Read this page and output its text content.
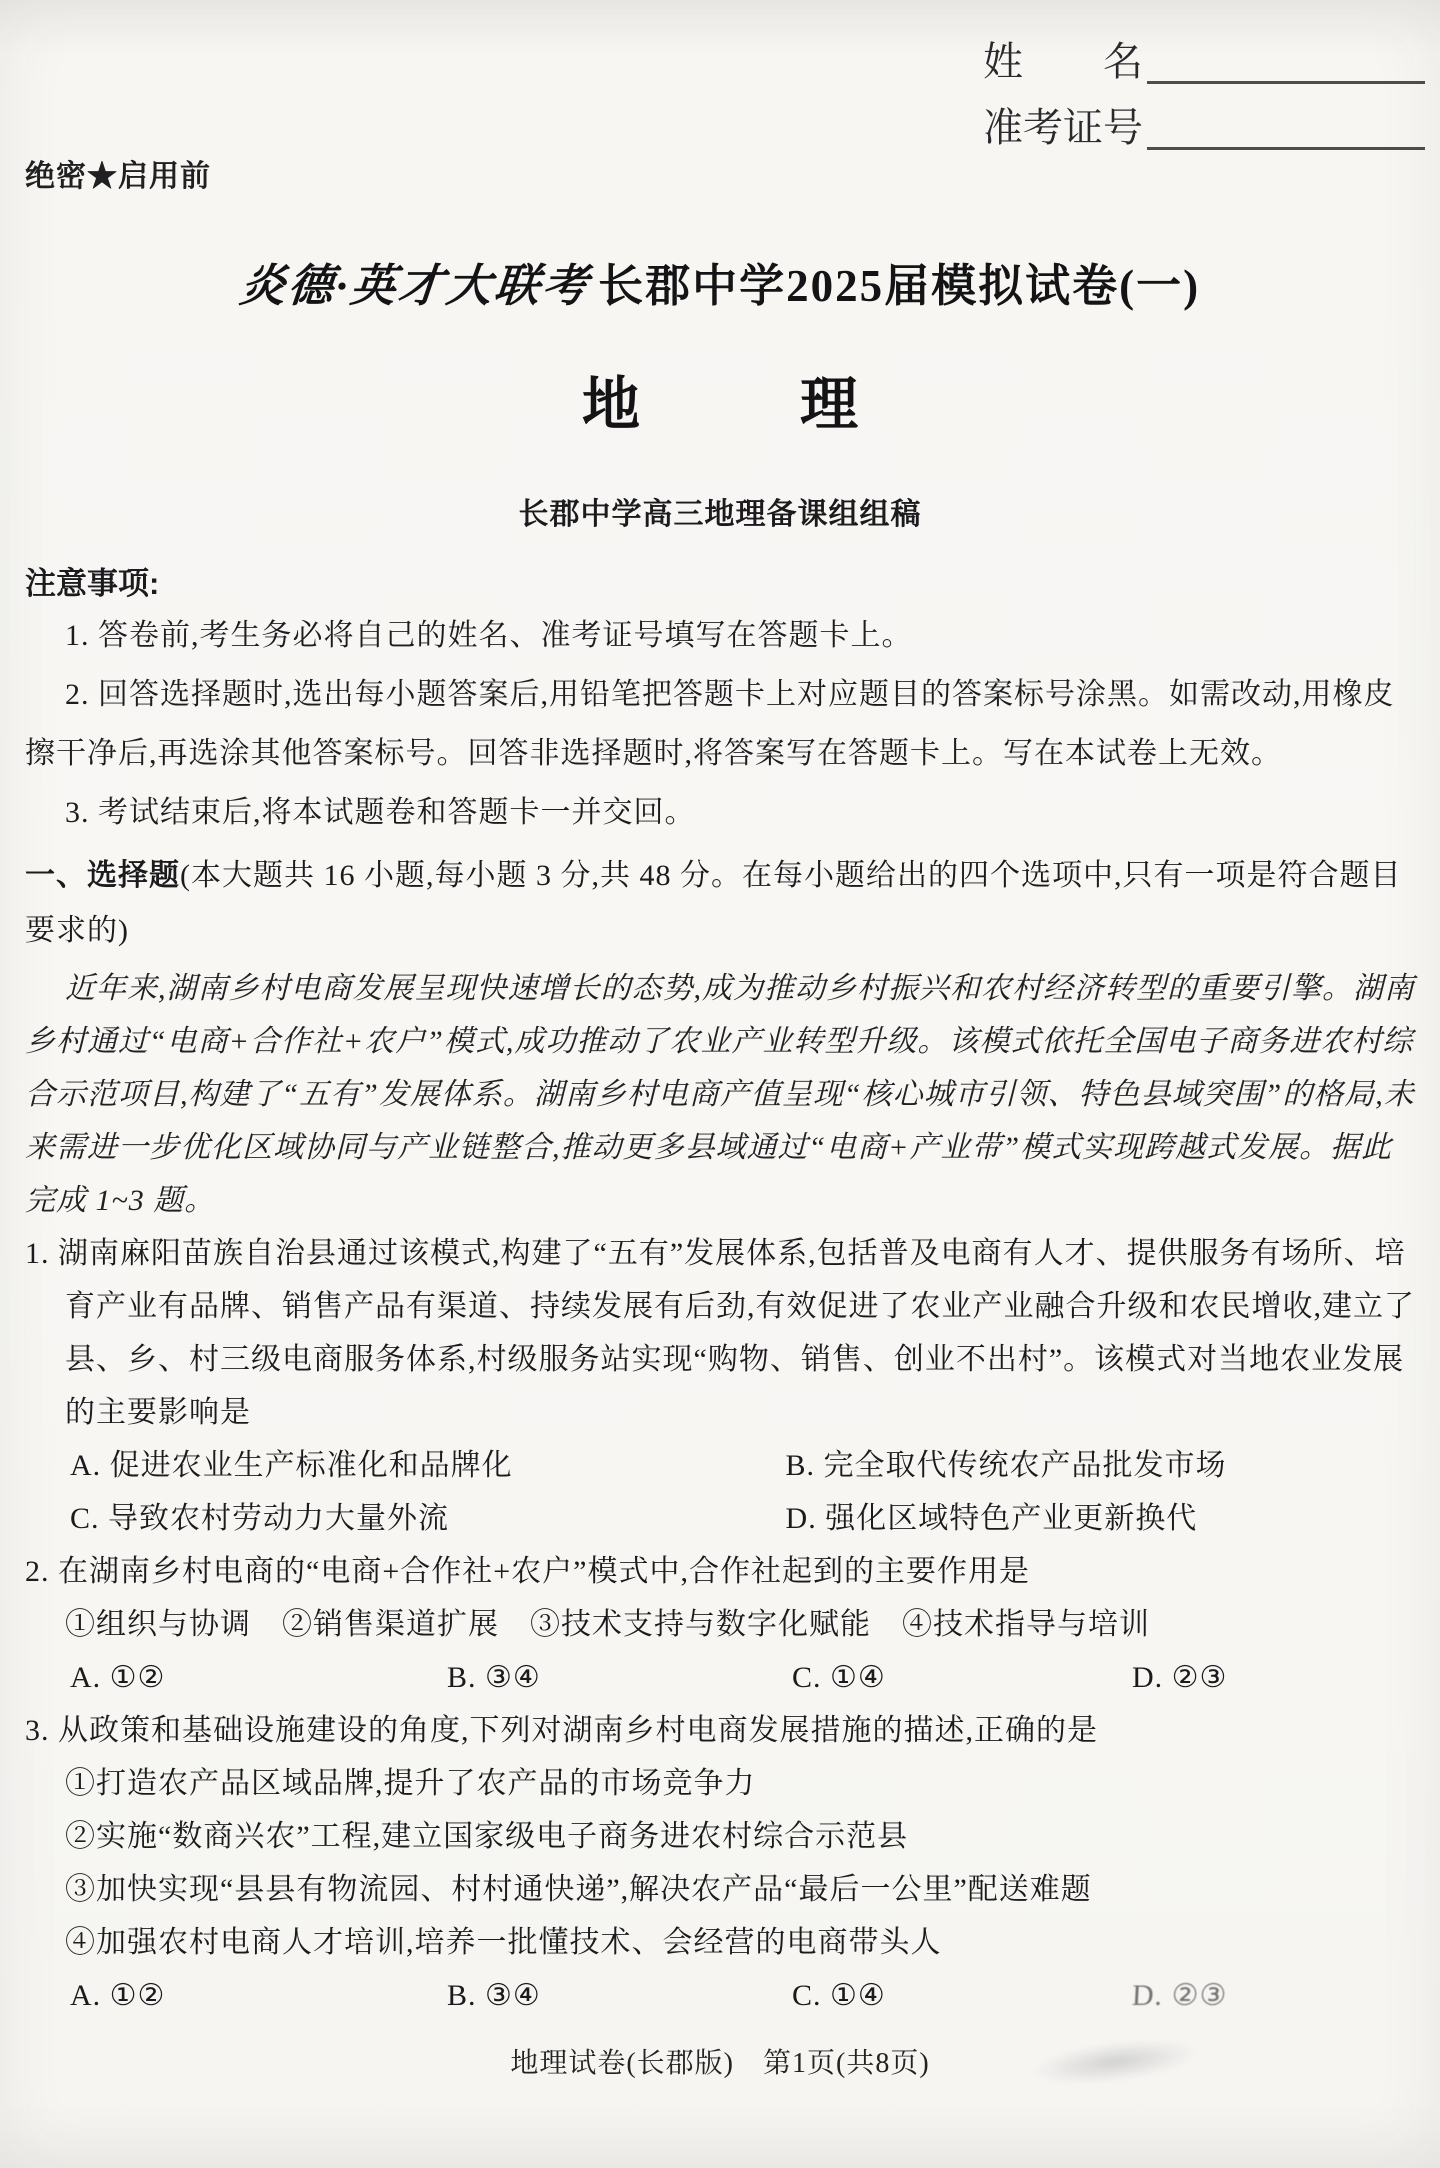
姓　　名
准考证号
绝密★启用前
炎德·英才大联考 长郡中学2025届模拟试卷(一)
地	理
长郡中学高三地理备课组组稿
注意事项:

1. 答卷前,考生务必将自己的姓名、准考证号填写在答题卡上。

2. 回答选择题时,选出每小题答案后,用铅笔把答题卡上对应题目的答案标号涂黑。如需改动,用橡皮擦干净后,再选涂其他答案标号。回答非选择题时,将答案写在答题卡上。写在本试卷上无效。

3. 考试结束后,将本试题卷和答题卡一并交回。

一、选择题(本大题共 16 小题,每小题 3 分,共 48 分。在每小题给出的四个选项中,只有一项是符合题目要求的)

近年来,湖南乡村电商发展呈现快速增长的态势,成为推动乡村振兴和农村经济转型的重要引擎。湖南乡村通过“电商+合作社+农户”模式,成功推动了农业产业转型升级。该模式依托全国电子商务进农村综合示范项目,构建了“五有”发展体系。湖南乡村电商产值呈现“核心城市引领、特色县域突围”的格局,未来需进一步优化区域协同与产业链整合,推动更多县域通过“电商+产业带”模式实现跨越式发展。据此完成 1~3 题。

1. 湖南麻阳苗族自治县通过该模式,构建了“五有”发展体系,包括普及电商有人才、提供服务有场所、培育产业有品牌、销售产品有渠道、持续发展有后劲,有效促进了农业产业融合升级和农民增收,建立了县、乡、村三级电商服务体系,村级服务站实现“购物、销售、创业不出村”。该模式对当地农业发展的主要影响是

A. 促进农业生产标准化和品牌化	B. 完全取代传统农产品批发市场
C. 导致农村劳动力大量外流	D. 强化区域特色产业更新换代

2. 在湖南乡村电商的“电商+合作社+农户”模式中,合作社起到的主要作用是

①组织与协调　②销售渠道扩展　③技术支持与数字化赋能　④技术指导与培训
A. ①②	B. ③④	C. ①④	D. ②③

3. 从政策和基础设施建设的角度,下列对湖南乡村电商发展措施的描述,正确的是

①打造农产品区域品牌,提升了农产品的市场竞争力
②实施“数商兴农”工程,建立国家级电子商务进农村综合示范县
③加快实现“县县有物流园、村村通快递”,解决农产品“最后一公里”配送难题
④加强农村电商人才培训,培养一批懂技术、会经营的电商带头人
A. ①②	B. ③④	C. ①④	D. ②③
地理试卷(长郡版)　第1页(共8页)
